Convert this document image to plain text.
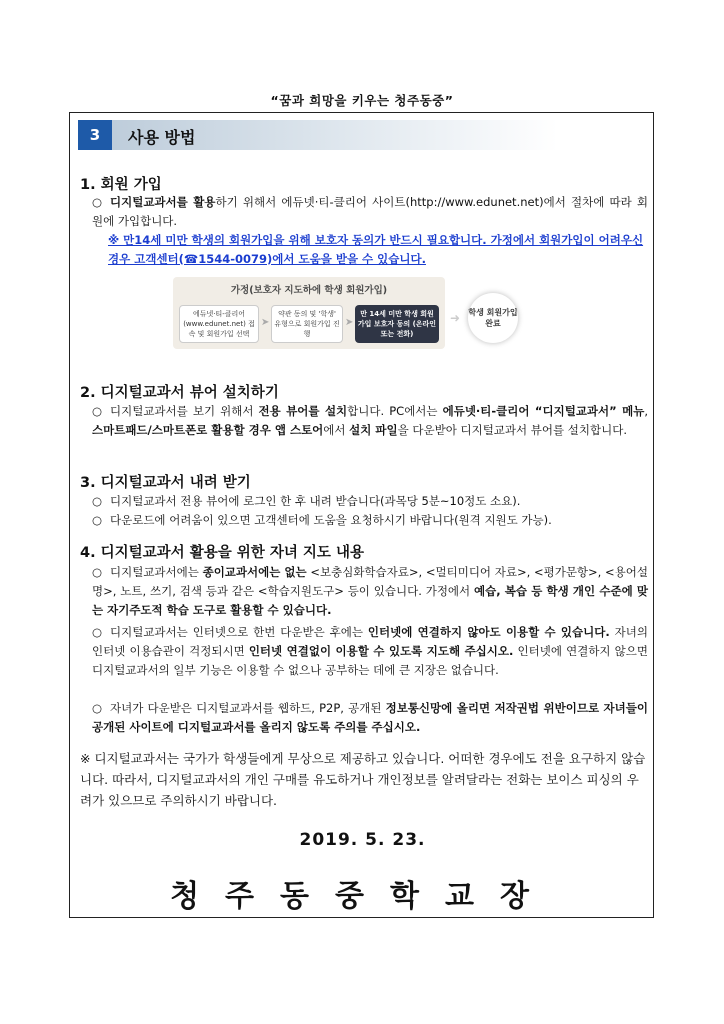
“꿈과 희망을 키우는 청주동중”
3	사용 방법
1. 회원 가입
○ 디지털교과서를 활용하기 위해서 에듀넷·티-클리어 사이트(http://www.edunet.net)에서 절차에 따라 회원에 가입합니다.
※ 만14세 미만 학생의 회원가입을 위해 보호자 동의가 반드시 필요합니다. 가정에서 회원가입이 어려우신 경우 고객센터(☎1544-0079)에서 도움을 받을 수 있습니다.
가정(보호자 지도하에 학생 회원가입)
에듀넷·티-클리어 (www.edunet.net) 접속 및 회원가입 선택
➤
약관 동의 및 '학생' 유형으로 회원가입 진행
➤
만 14세 미만 학생 회원가입 보호자 동의 (온라인 또는 전화)
➜ 학생 회원가입 완료
2. 디지털교과서 뷰어 설치하기
○ 디지털교과서를 보기 위해서 전용 뷰어를 설치합니다. PC에서는 에듀넷·티-클리어 “디지털교과서” 메뉴, 스마트패드/스마트폰로 활용할 경우 앱 스토어에서 설치 파일을 다운받아 디지털교과서 뷰어를 설치합니다.
3. 디지털교과서 내려 받기
○ 디지털교과서 전용 뷰어에 로그인 한 후 내려 받습니다(과목당 5분~10정도 소요).
○ 다운로드에 어려움이 있으면 고객센터에 도움을 요청하시기 바랍니다(원격 지원도 가능).
4. 디지털교과서 활용을 위한 자녀 지도 내용
○ 디지털교과서에는 종이교과서에는 없는 <보충심화학습자료>, <멀티미디어 자료>, <평가문항>, <용어설명>, 노트, 쓰기, 검색 등과 같은 <학습지원도구> 등이 있습니다. 가정에서 예습, 복습 등 학생 개인 수준에 맞는 자기주도적 학습 도구로 활용할 수 있습니다.
○ 디지털교과서는 인터넷으로 한번 다운받은 후에는 인터넷에 연결하지 않아도 이용할 수 있습니다. 자녀의 인터넷 이용습관이 걱정되시면 인터넷 연결없이 이용할 수 있도록 지도해 주십시오. 인터넷에 연결하지 않으면 디지털교과서의 일부 기능은 이용할 수 없으나 공부하는 데에 큰 지장은 없습니다.
○ 자녀가 다운받은 디지털교과서를 웹하드, P2P, 공개된 정보통신망에 올리면 저작권법 위반이므로 자녀들이 공개된 사이트에 디지털교과서를 올리지 않도록 주의를 주십시오.
※ 디지털교과서는 국가가 학생들에게 무상으로 제공하고 있습니다. 어떠한 경우에도 전을 요구하지 않습니다. 따라서, 디지털교과서의 개인 구매를 유도하거나 개인정보를 알려달라는 전화는 보이스 피싱의 우려가 있으므로 주의하시기 바랍니다.
2019. 5. 23.
청주동중학교장
